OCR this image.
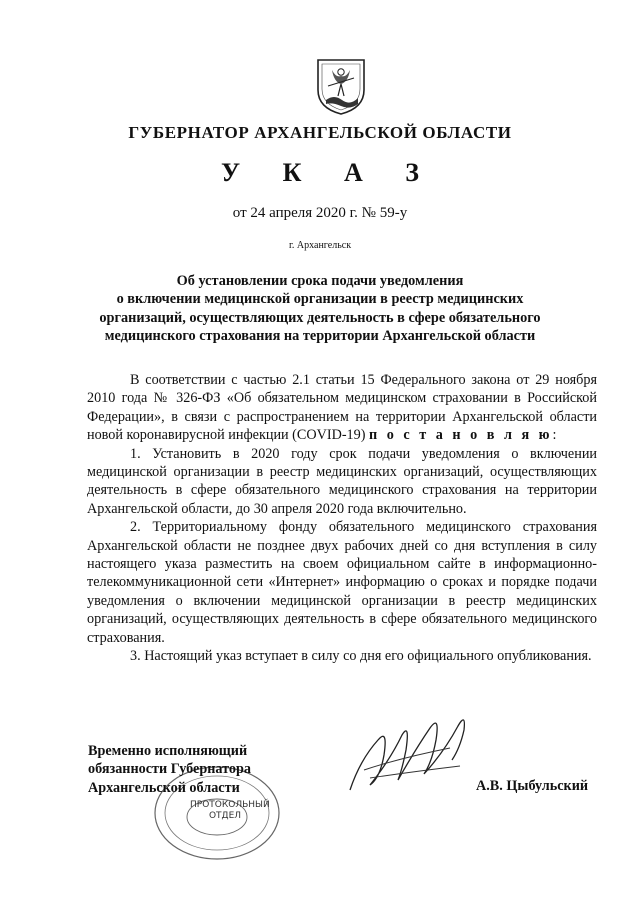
ГУБЕРНАТОР АРХАНГЕЛЬСКОЙ ОБЛАСТИ
У К А З
от 24 апреля 2020 г. № 59-у
г. Архангельск
Об установлении срока подачи уведомления
о включении медицинской организации в реестр медицинских
организаций, осуществляющих деятельность в сфере обязательного
медицинского страхования на территории Архангельской области

В соответствии с частью 2.1 статьи 15 Федерального закона от 29 ноября 2010 года № 326-ФЗ «Об обязательном медицинском страховании в Российской Федерации», в связи с распространением на территории Архангельской области новой коронавирусной инфекции (COVID-19) п о с т а н о в л я ю:

1. Установить в 2020 году срок подачи уведомления о включении медицинской организации в реестр медицинских организаций, осуществляющих деятельность в сфере обязательного медицинского страхования на территории Архангельской области, до 30 апреля 2020 года включительно.

2. Территориальному фонду обязательного медицинского страхования Архангельской области не позднее двух рабочих дней со дня вступления в силу настоящего указа разместить на своем официальном сайте в информационно-телекоммуникационной сети «Интернет» информацию о сроках и порядке подачи уведомления о включении медицинской организации в реестр медицинских организаций, осуществляющих деятельность в сфере обязательного медицинского страхования.

3. Настоящий указ вступает в силу со дня его официального опубликования.

ПРОТОКОЛЬНЫЙ
ОТДЕЛ
Временно исполняющий
обязанности Губернатора
Архангельской области	А.В. Цыбульский
